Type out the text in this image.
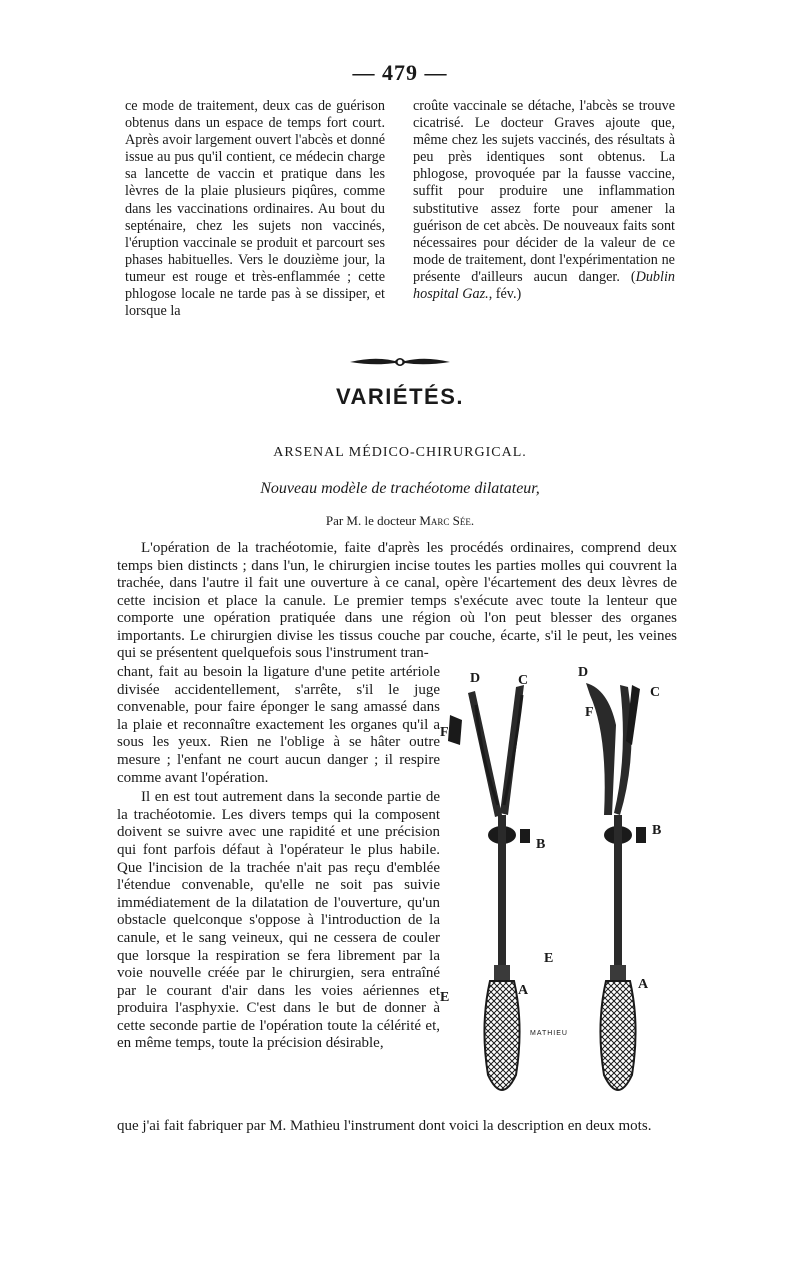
— 479 —

ce mode de traitement, deux cas de guérison obtenus dans un espace de temps fort court. Après avoir largement ouvert l'abcès et donné issue au pus qu'il contient, ce médecin charge sa lancette de vaccin et pratique dans les lèvres de la plaie plusieurs piqûres, comme dans les vaccinations ordinaires. Au bout du septénaire, chez les sujets non vaccinés, l'éruption vaccinale se produit et parcourt ses phases habituelles. Vers le douzième jour, la tumeur est rouge et très-enflammée ; cette phlogose locale ne tarde pas à se dissiper, et lorsque la

croûte vaccinale se détache, l'abcès se trouve cicatrisé. Le docteur Graves ajoute que, même chez les sujets vaccinés, des résultats à peu près identiques sont obtenus. La phlogose, provoquée par la fausse vaccine, suffit pour produire une inflammation substitutive assez forte pour amener la guérison de cet abcès. De nouveaux faits sont nécessaires pour décider de la valeur de ce mode de traitement, dont l'expérimentation ne présente d'ailleurs aucun danger. (Dublin hospital Gaz., fév.)

VARIÉTÉS.
ARSENAL MÉDICO-CHIRURGICAL.
Nouveau modèle de trachéotome dilatateur,
Par M. le docteur Marc Sée.

L'opération de la trachéotomie, faite d'après les procédés ordinaires, comprend deux temps bien distincts ; dans l'un, le chirurgien incise toutes les parties molles qui couvrent la trachée, dans l'autre il fait une ouverture à ce canal, opère l'écartement des deux lèvres de cette incision et place la canule. Le premier temps s'exécute avec toute la lenteur que comporte une opération pratiquée dans une région où l'on peut blesser des organes importants. Le chirurgien divise les tissus couche par couche, écarte, s'il le peut, les veines qui se présentent quelquefois sous l'instrument tran-

chant, fait au besoin la ligature d'une petite artériole divisée accidentellement, s'arrête, s'il le juge convenable, pour faire éponger le sang amassé dans la plaie et reconnaître exactement les organes qu'il a sous les yeux. Rien ne l'oblige à se hâter outre mesure ; l'enfant ne court aucun danger ; il respire comme avant l'opération.

Il en est tout autrement dans la seconde partie de la trachéotomie. Les divers temps qui la composent doivent se suivre avec une rapidité et une précision qui font parfois défaut à l'opérateur le plus habile. Que l'incision de la trachée n'ait pas reçu d'emblée l'étendue convenable, qu'elle ne soit pas suivie immédiatement de la dilatation de l'ouverture, qu'un obstacle quelconque s'oppose à l'introduction de la canule, et le sang veineux, qui ne cessera de couler que lorsque la respiration se fera librement par la voie nouvelle créée par le chirurgien, sera entraîné par le courant d'air dans les voies aériennes et produira l'asphyxie. C'est dans le but de donner à cette seconde partie de l'opération toute la célérité et, en même temps, toute la précision désirable,

que j'ai fait fabriquer par M. Mathieu l'instrument dont voici la description en deux mots.

D	C
F
B
E	A
D
C
F
B
E
A
MATHIEU
